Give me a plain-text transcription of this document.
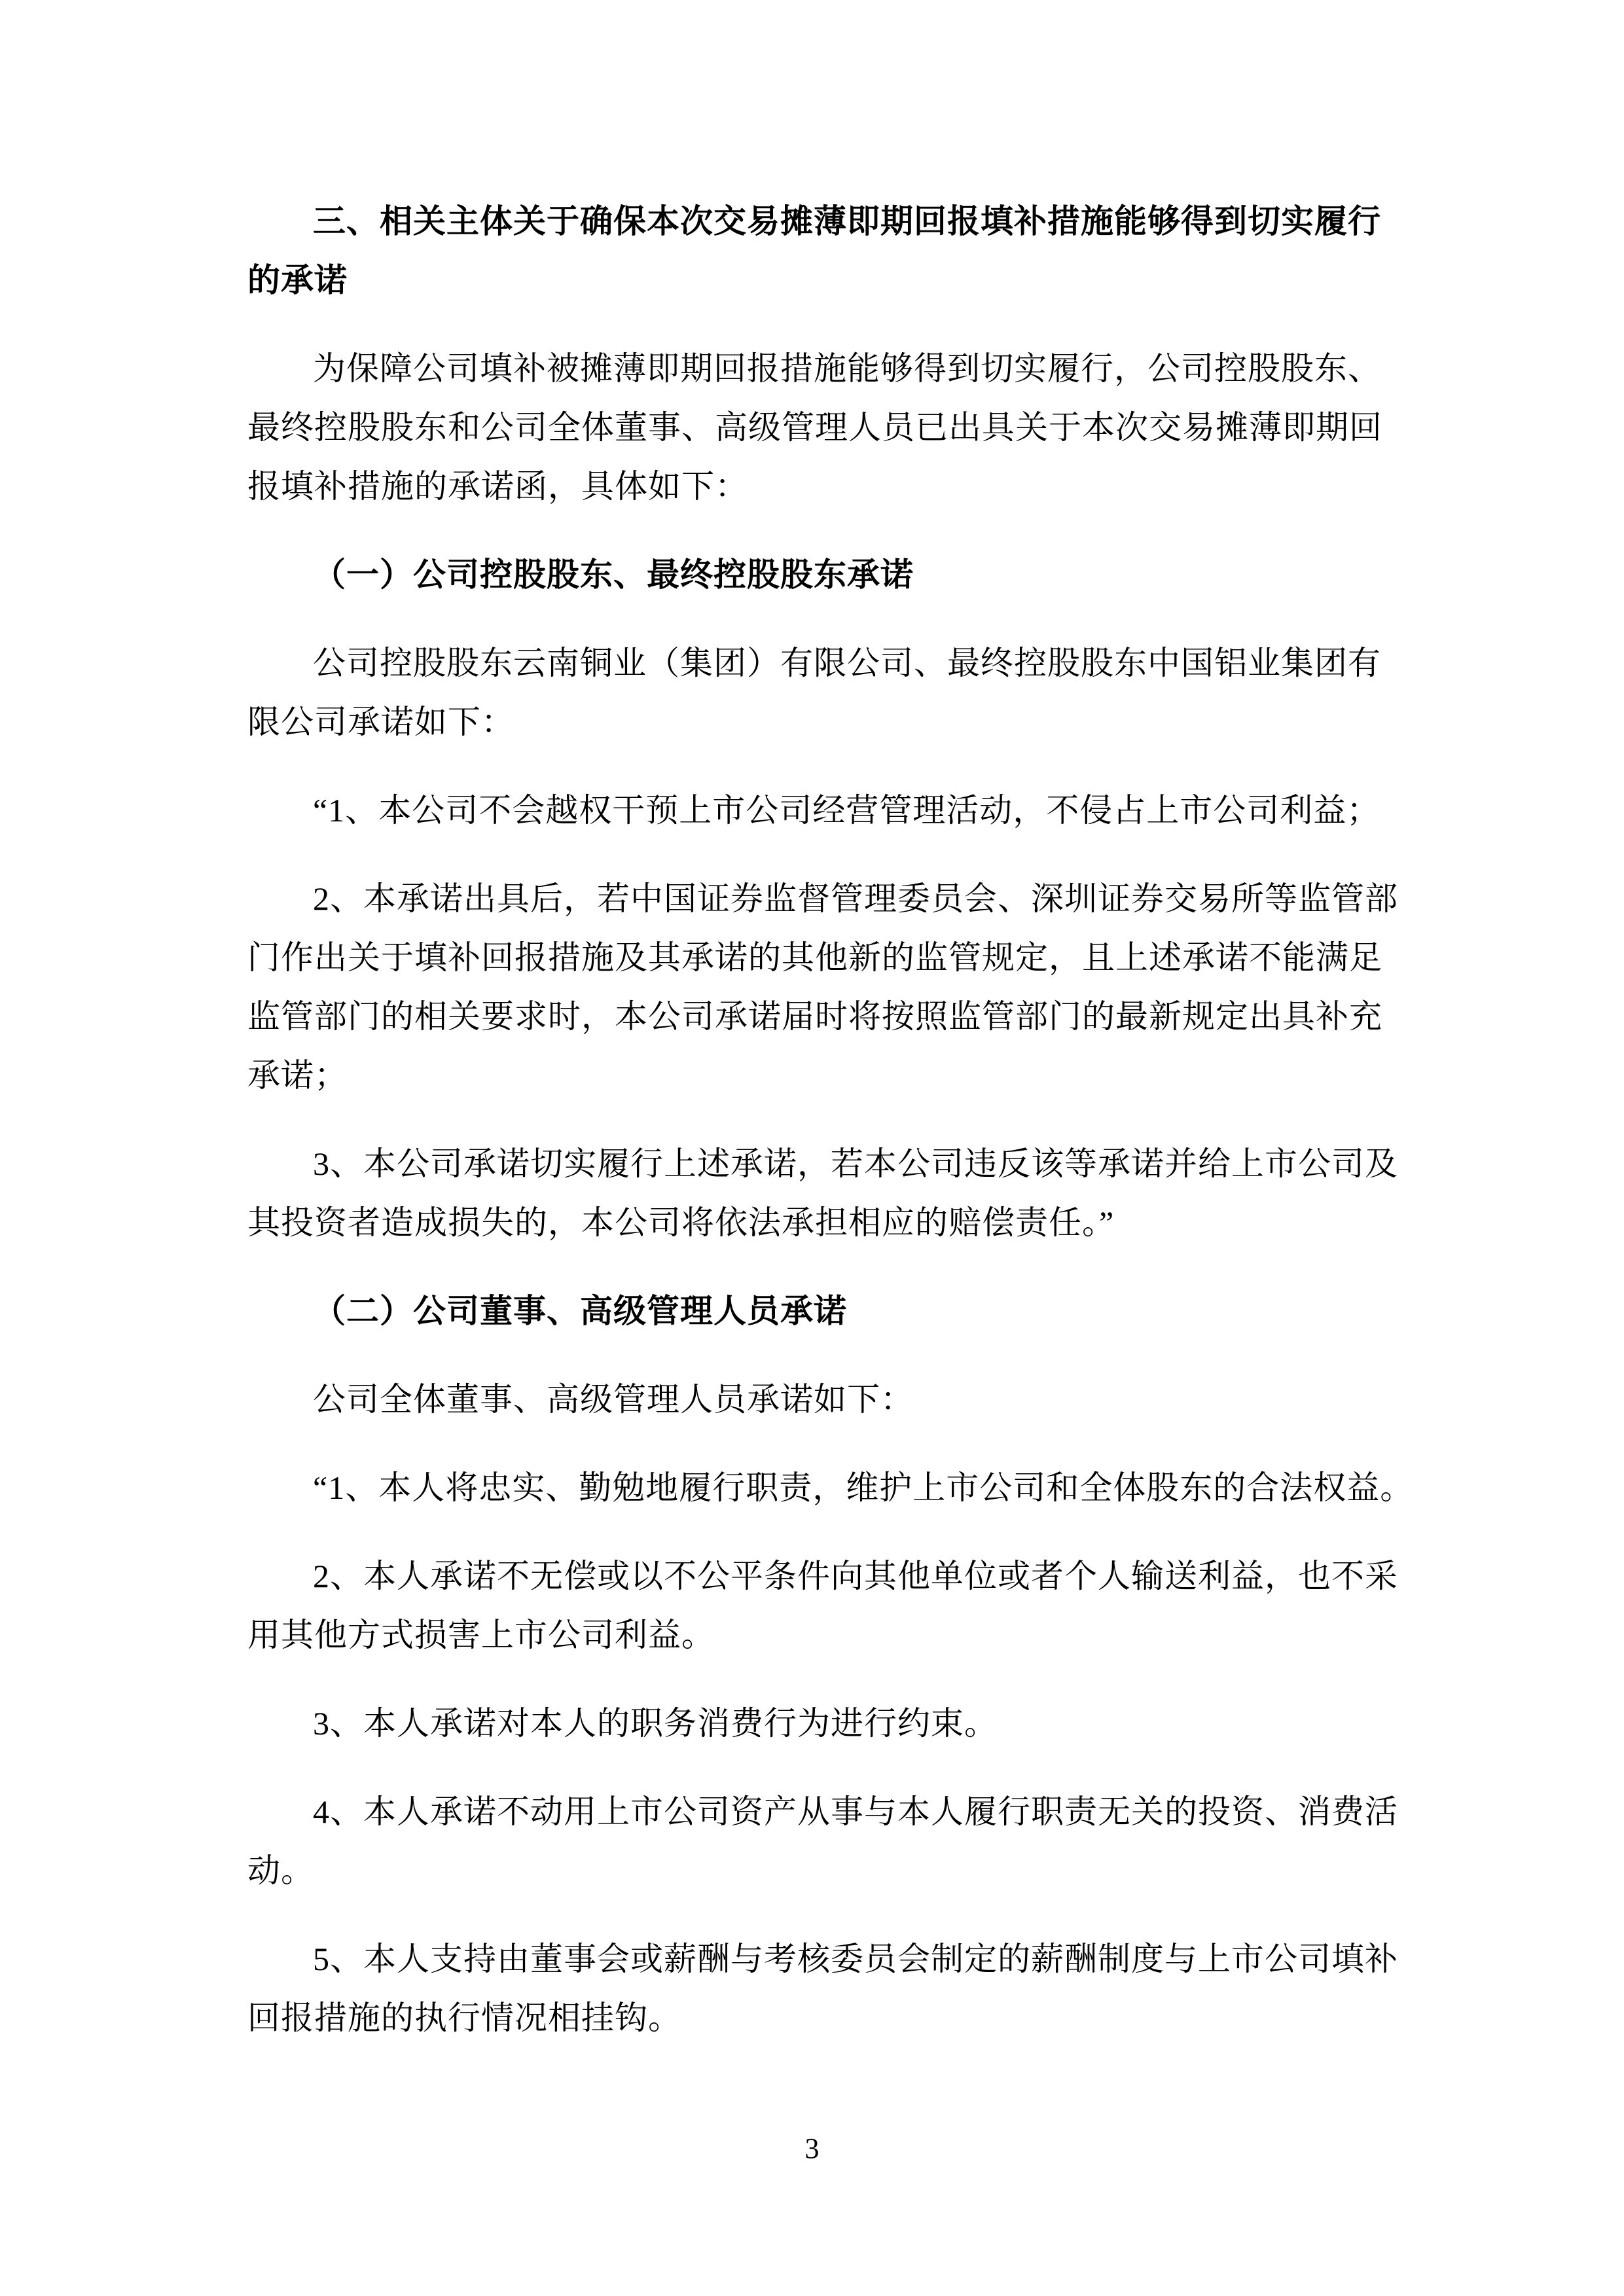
三、相关主体关于确保本次交易摊薄即期回报填补措施能够得到切实履行
的承诺
为保障公司填补被摊薄即期回报措施能够得到切实履行，公司控股股东、
最终控股股东和公司全体董事、高级管理人员已出具关于本次交易摊薄即期回
报填补措施的承诺函，具体如下：
（一）公司控股股东、最终控股股东承诺
公司控股股东云南铜业（集团）有限公司、最终控股股东中国铝业集团有
限公司承诺如下：
“1、本公司不会越权干预上市公司经营管理活动，不侵占上市公司利益；
2、本承诺出具后，若中国证券监督管理委员会、深圳证券交易所等监管部
门作出关于填补回报措施及其承诺的其他新的监管规定，且上述承诺不能满足
监管部门的相关要求时，本公司承诺届时将按照监管部门的最新规定出具补充
承诺；
3、本公司承诺切实履行上述承诺，若本公司违反该等承诺并给上市公司及
其投资者造成损失的，本公司将依法承担相应的赔偿责任。”
（二）公司董事、高级管理人员承诺
公司全体董事、高级管理人员承诺如下：
“1、本人将忠实、勤勉地履行职责，维护上市公司和全体股东的合法权益。
2、本人承诺不无偿或以不公平条件向其他单位或者个人输送利益，也不采
用其他方式损害上市公司利益。
3、本人承诺对本人的职务消费行为进行约束。
4、本人承诺不动用上市公司资产从事与本人履行职责无关的投资、消费活
动。
5、本人支持由董事会或薪酬与考核委员会制定的薪酬制度与上市公司填补
回报措施的执行情况相挂钩。
3
